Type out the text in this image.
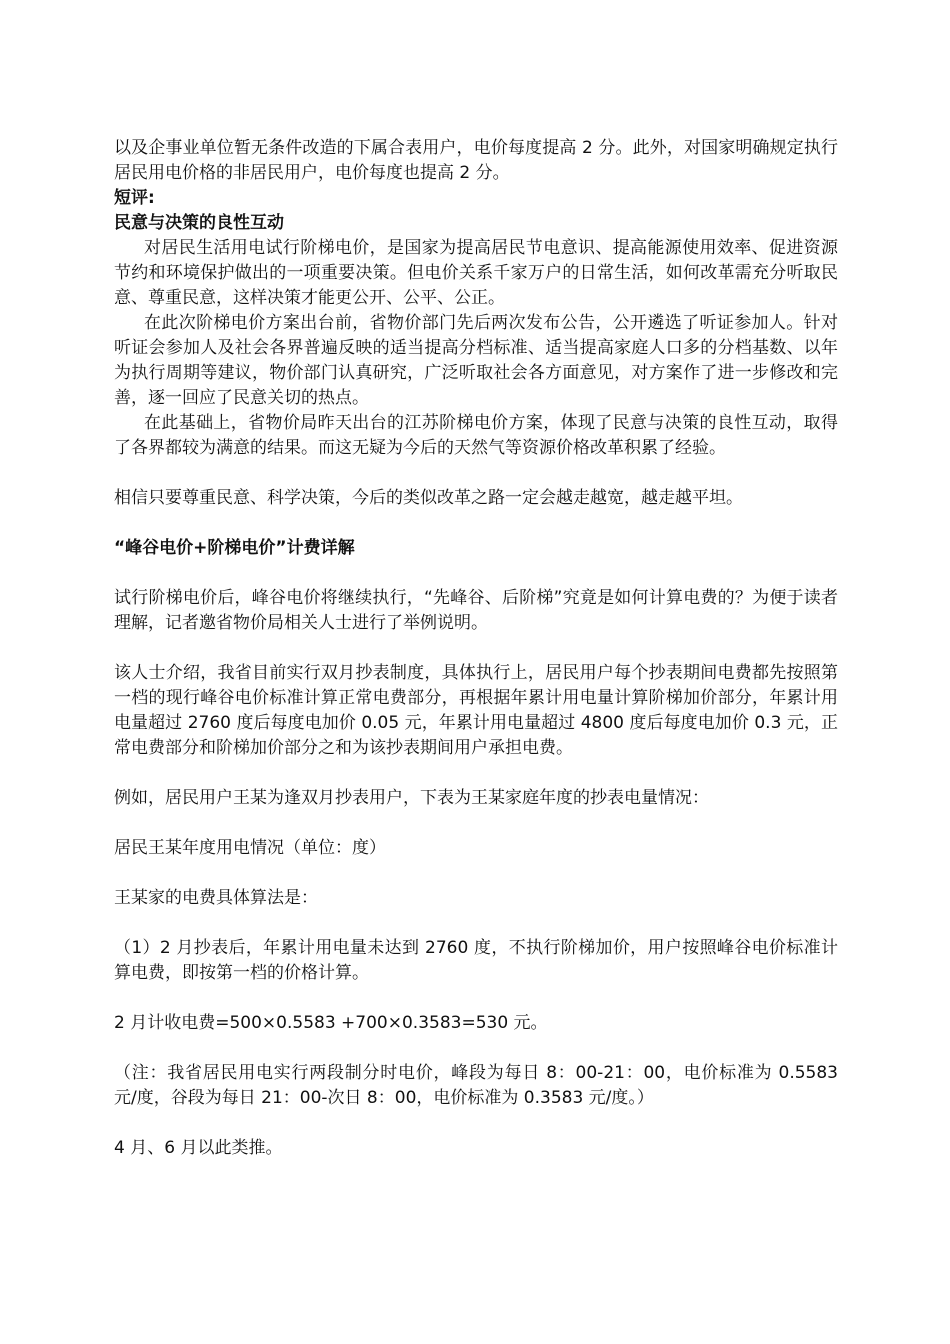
以及企事业单位暂无条件改造的下属合表用户，电价每度提高 2 分。此外，对国家明确规定执行居民用电价格的非居民用户，电价每度也提高 2 分。

短评:

民意与决策的良性互动

对居民生活用电试行阶梯电价，是国家为提高居民节电意识、提高能源使用效率、促进资源节约和环境保护做出的一项重要决策。但电价关系千家万户的日常生活，如何改革需充分听取民意、尊重民意，这样决策才能更公开、公平、公正。

在此次阶梯电价方案出台前，省物价部门先后两次发布公告，公开遴选了听证参加人。针对听证会参加人及社会各界普遍反映的适当提高分档标准、适当提高家庭人口多的分档基数、以年为执行周期等建议，物价部门认真研究，广泛听取社会各方面意见，对方案作了进一步修改和完善，逐一回应了民意关切的热点。

在此基础上，省物价局昨天出台的江苏阶梯电价方案，体现了民意与决策的良性互动，取得了各界都较为满意的结果。而这无疑为今后的天然气等资源价格改革积累了经验。

相信只要尊重民意、科学决策，今后的类似改革之路一定会越走越宽，越走越平坦。

“峰谷电价+阶梯电价”计费详解

试行阶梯电价后，峰谷电价将继续执行，“先峰谷、后阶梯”究竟是如何计算电费的？为便于读者理解，记者邀省物价局相关人士进行了举例说明。

该人士介绍，我省目前实行双月抄表制度，具体执行上，居民用户每个抄表期间电费都先按照第一档的现行峰谷电价标准计算正常电费部分，再根据年累计用电量计算阶梯加价部分，年累计用电量超过 2760 度后每度电加价 0.05 元，年累计用电量超过 4800 度后每度电加价 0.3 元，正常电费部分和阶梯加价部分之和为该抄表期间用户承担电费。

例如，居民用户王某为逢双月抄表用户，下表为王某家庭年度的抄表电量情况：

居民王某年度用电情况（单位：度）

王某家的电费具体算法是：

（1）2 月抄表后，年累计用电量未达到 2760 度，不执行阶梯加价，用户按照峰谷电价标准计算电费，即按第一档的价格计算。

2 月计收电费=500×0.5583 +700×0.3583=530 元。

（注：我省居民用电实行两段制分时电价，峰段为每日 8：00-21：00，电价标准为 0.5583 元/度，谷段为每日 21：00-次日 8：00，电价标准为 0.3583 元/度。）

4 月、6 月以此类推。
